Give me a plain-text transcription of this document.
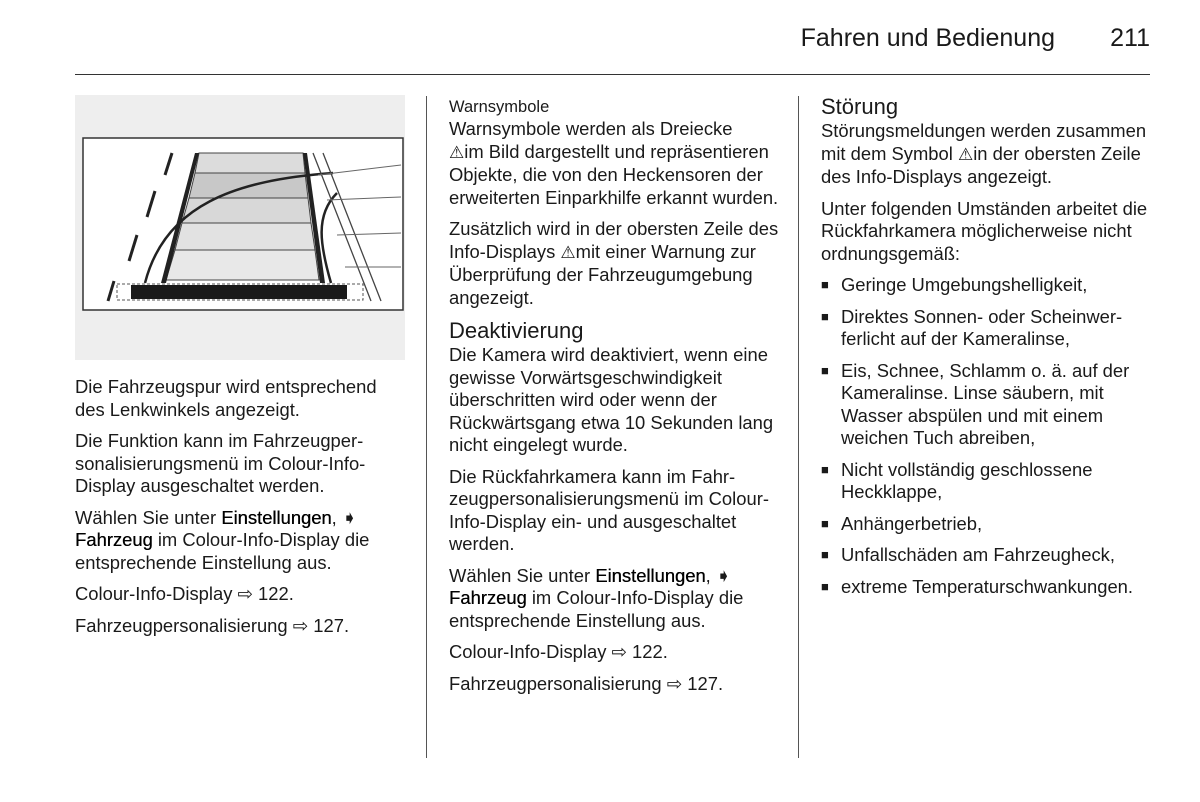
Fahren und Bedienung 211

Die Fahrzeugspur wird entsprechend des Lenkwinkels angezeigt.

Die Funktion kann im Fahrzeugpersonalisierungsmenü im Colour-Info-Display ausgeschaltet werden.

Wählen Sie unter Einstellungen, ➧ Fahrzeug im Colour-Info-Display die entsprechende Einstellung aus.

Colour-Info-Display ⇨ 122.

Fahrzeugpersonalisierung ⇨ 127.

Warnsymbole

Warnsymbole werden als Dreiecke
⚠im Bild dargestellt und repräsentieren Objekte, die von den Heckensoren der erweiterten Einparkhilfe erkannt wurden.

Zusätzlich wird in der obersten Zeile des Info-Displays ⚠mit einer Warnung zur Überprüfung der Fahrzeugumgebung angezeigt.

Deaktivierung

Die Kamera wird deaktiviert, wenn eine gewisse Vorwärtsgeschwindigkeit überschritten wird oder wenn der Rückwärtsgang etwa 10 Sekunden lang nicht eingelegt wurde.

Die Rückfahrkamera kann im Fahrzeugpersonalisierungsmenü im Colour-Info-Display ein- und ausgeschaltet werden.

Wählen Sie unter Einstellungen, ➧ Fahrzeug im Colour-Info-Display die entsprechende Einstellung aus.

Colour-Info-Display ⇨ 122.

Fahrzeugpersonalisierung ⇨ 127.

Störung

Störungsmeldungen werden zusammen mit dem Symbol ⚠in der obersten Zeile des Info-Displays angezeigt.

Unter folgenden Umständen arbeitet die Rückfahrkamera möglicherweise nicht ordnungsgemäß:

■ Geringe Umgebungshelligkeit,
■ Direktes Sonnen- oder Scheinwerferlicht auf der Kameralinse,
■ Eis, Schnee, Schlamm o. ä. auf der Kameralinse. Linse säubern, mit Wasser abspülen und mit einem weichen Tuch abreiben,
■ Nicht vollständig geschlossene Heckklappe,
■ Anhängerbetrieb,
■ Unfallschäden am Fahrzeugheck,
■ extreme Temperaturschwankungen.
